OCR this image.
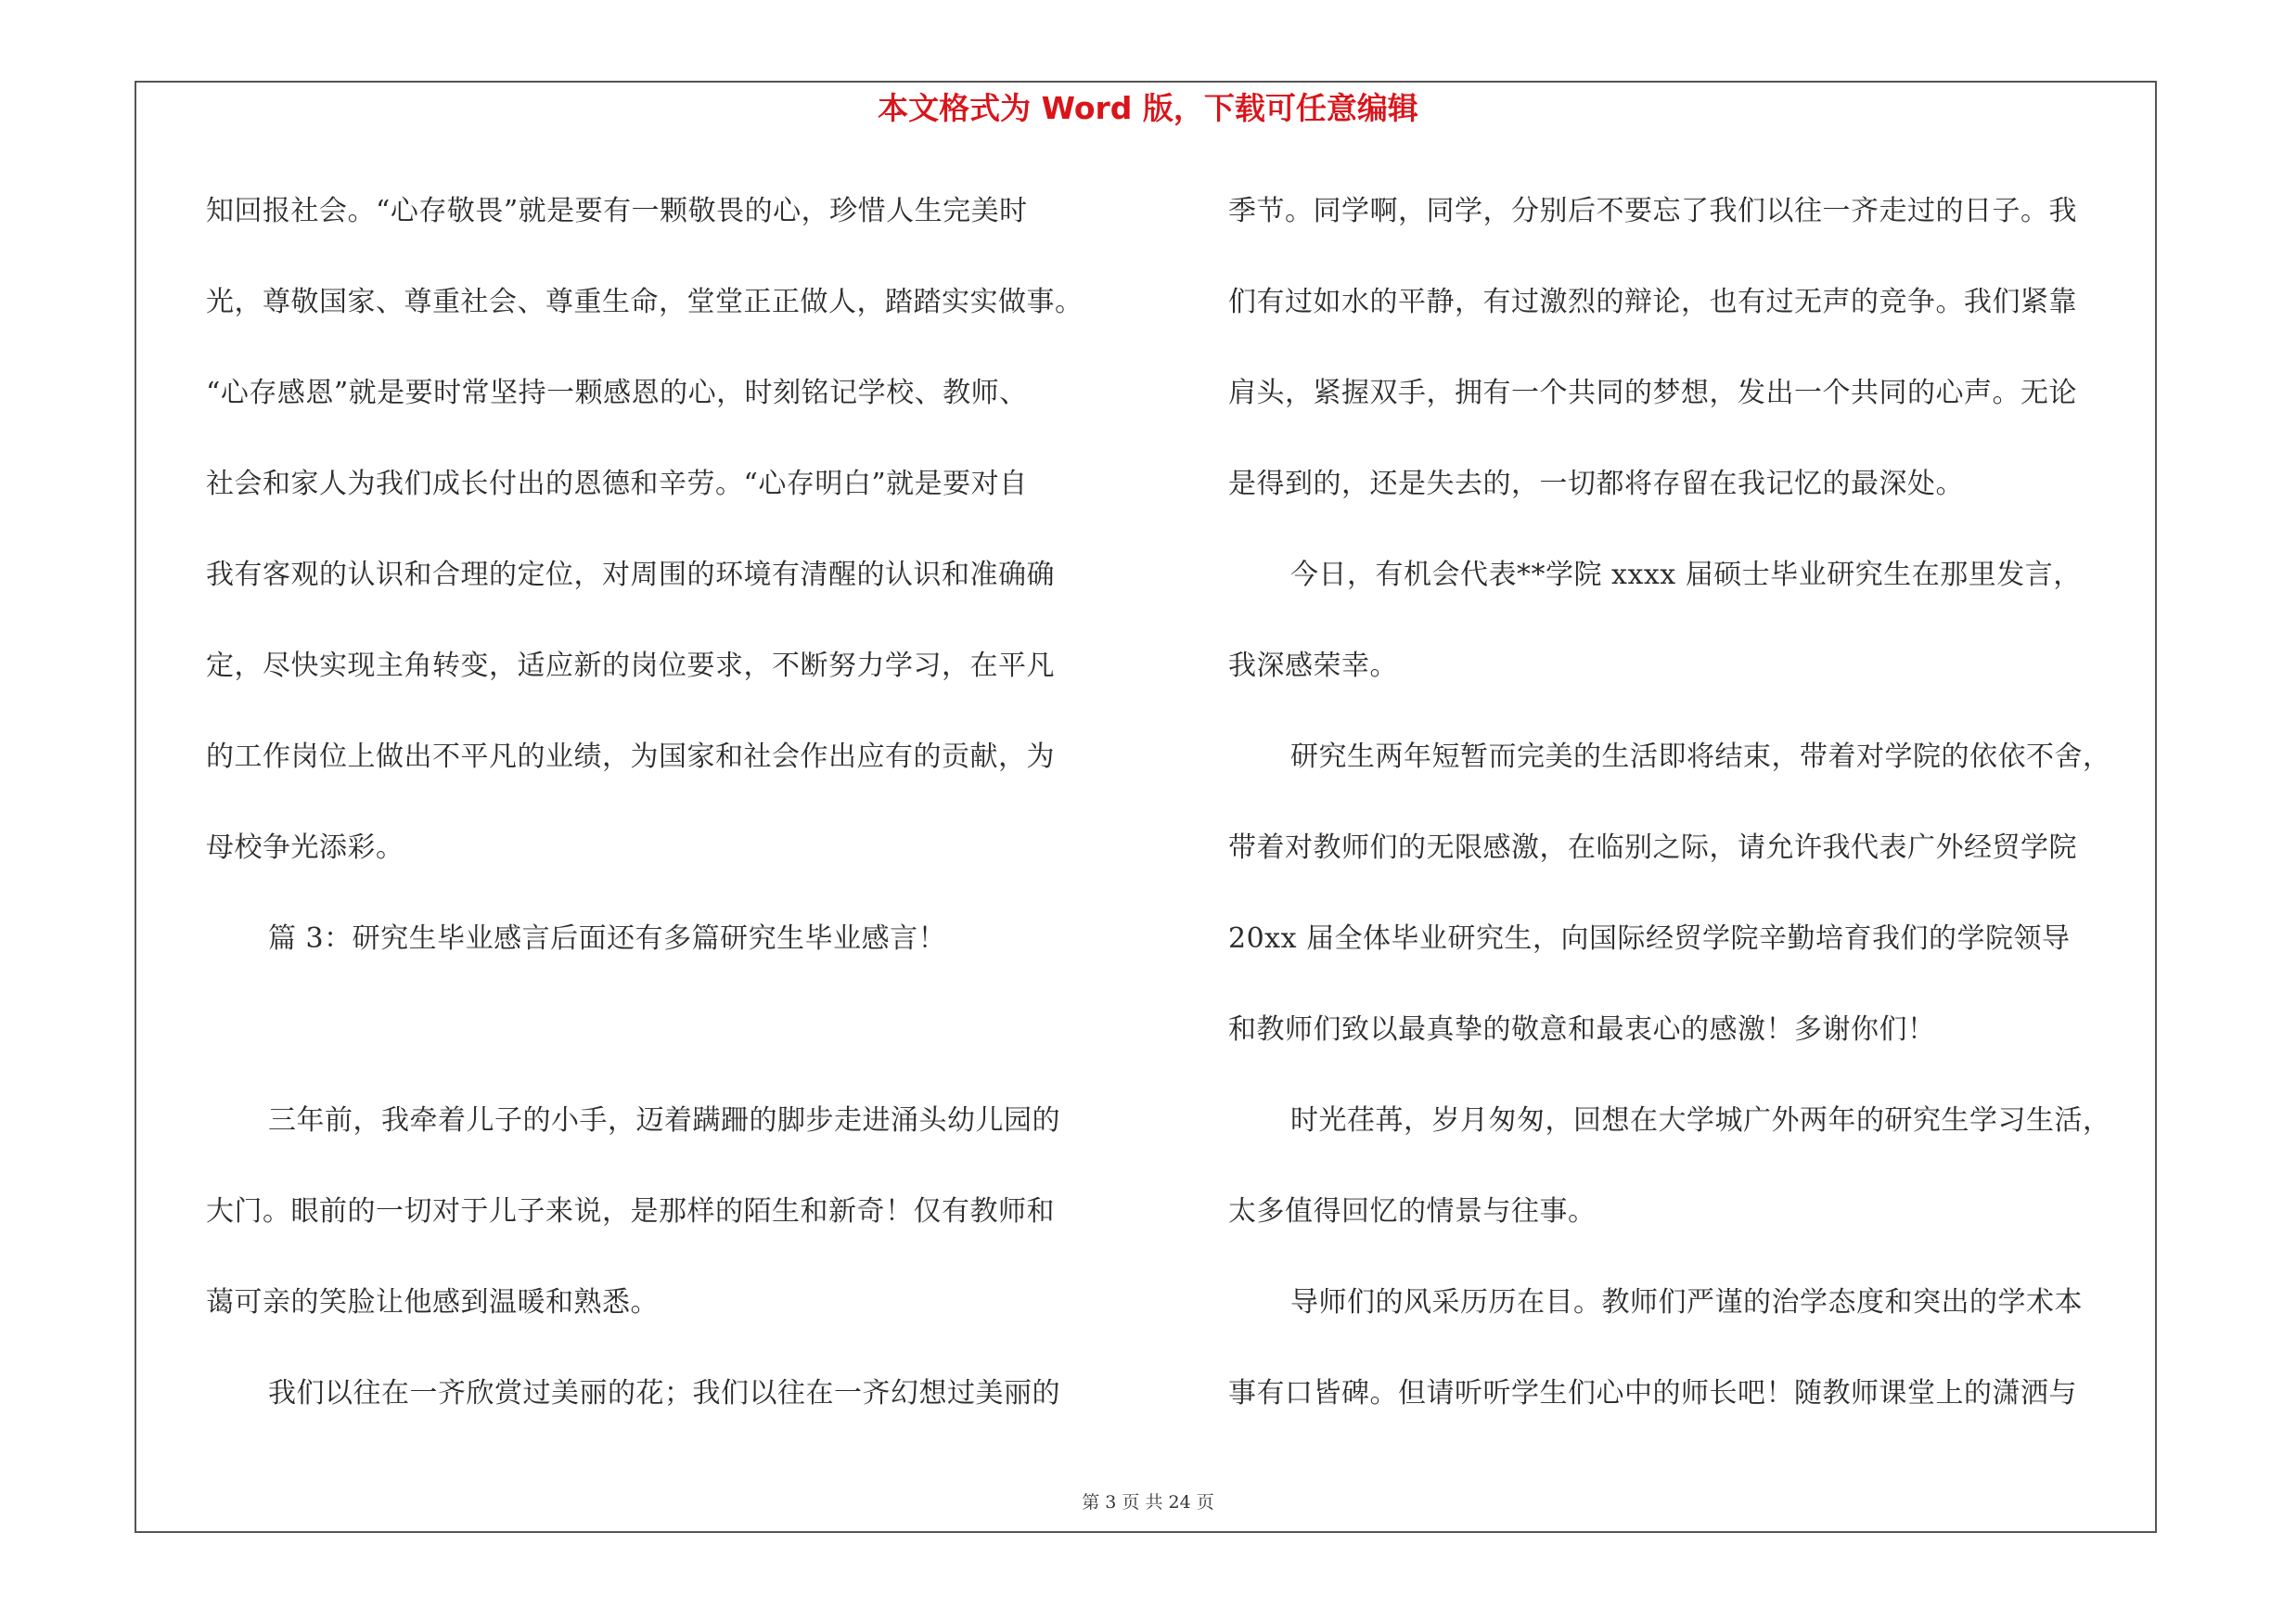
本文格式为 Word 版，下载可任意编辑
知回报社会。“心存敬畏”就是要有一颗敬畏的心，珍惜人生完美时
光，尊敬国家、尊重社会、尊重生命，堂堂正正做人，踏踏实实做事。
“心存感恩”就是要时常坚持一颗感恩的心，时刻铭记学校、教师、
社会和家人为我们成长付出的恩德和辛劳。“心存明白”就是要对自
我有客观的认识和合理的定位，对周围的环境有清醒的认识和准确确
定，尽快实现主角转变，适应新的岗位要求，不断努力学习，在平凡
的工作岗位上做出不平凡的业绩，为国家和社会作出应有的贡献，为
母校争光添彩。
篇 3：研究生毕业感言后面还有多篇研究生毕业感言！
三年前，我牵着儿子的小手，迈着蹒跚的脚步走进涌头幼儿园的
大门。眼前的一切对于儿子来说，是那样的陌生和新奇！仅有教师和
蔼可亲的笑脸让他感到温暖和熟悉。
我们以往在一齐欣赏过美丽的花；我们以往在一齐幻想过美丽的
季节。同学啊，同学，分别后不要忘了我们以往一齐走过的日子。我
们有过如水的平静，有过激烈的辩论，也有过无声的竞争。我们紧靠
肩头，紧握双手，拥有一个共同的梦想，发出一个共同的心声。无论
是得到的，还是失去的，一切都将存留在我记忆的最深处。
今日，有机会代表**学院 xxxx 届硕士毕业研究生在那里发言，
我深感荣幸。
研究生两年短暂而完美的生活即将结束，带着对学院的依依不舍，
带着对教师们的无限感激，在临别之际，请允许我代表广外经贸学院
20xx 届全体毕业研究生，向国际经贸学院辛勤培育我们的学院领导
和教师们致以最真挚的敬意和最衷心的感激！多谢你们！
时光荏苒，岁月匆匆，回想在大学城广外两年的研究生学习生活，
太多值得回忆的情景与往事。
导师们的风采历历在目。教师们严谨的治学态度和突出的学术本
事有口皆碑。但请听听学生们心中的师长吧！随教师课堂上的潇洒与
第 3 页 共 24 页
